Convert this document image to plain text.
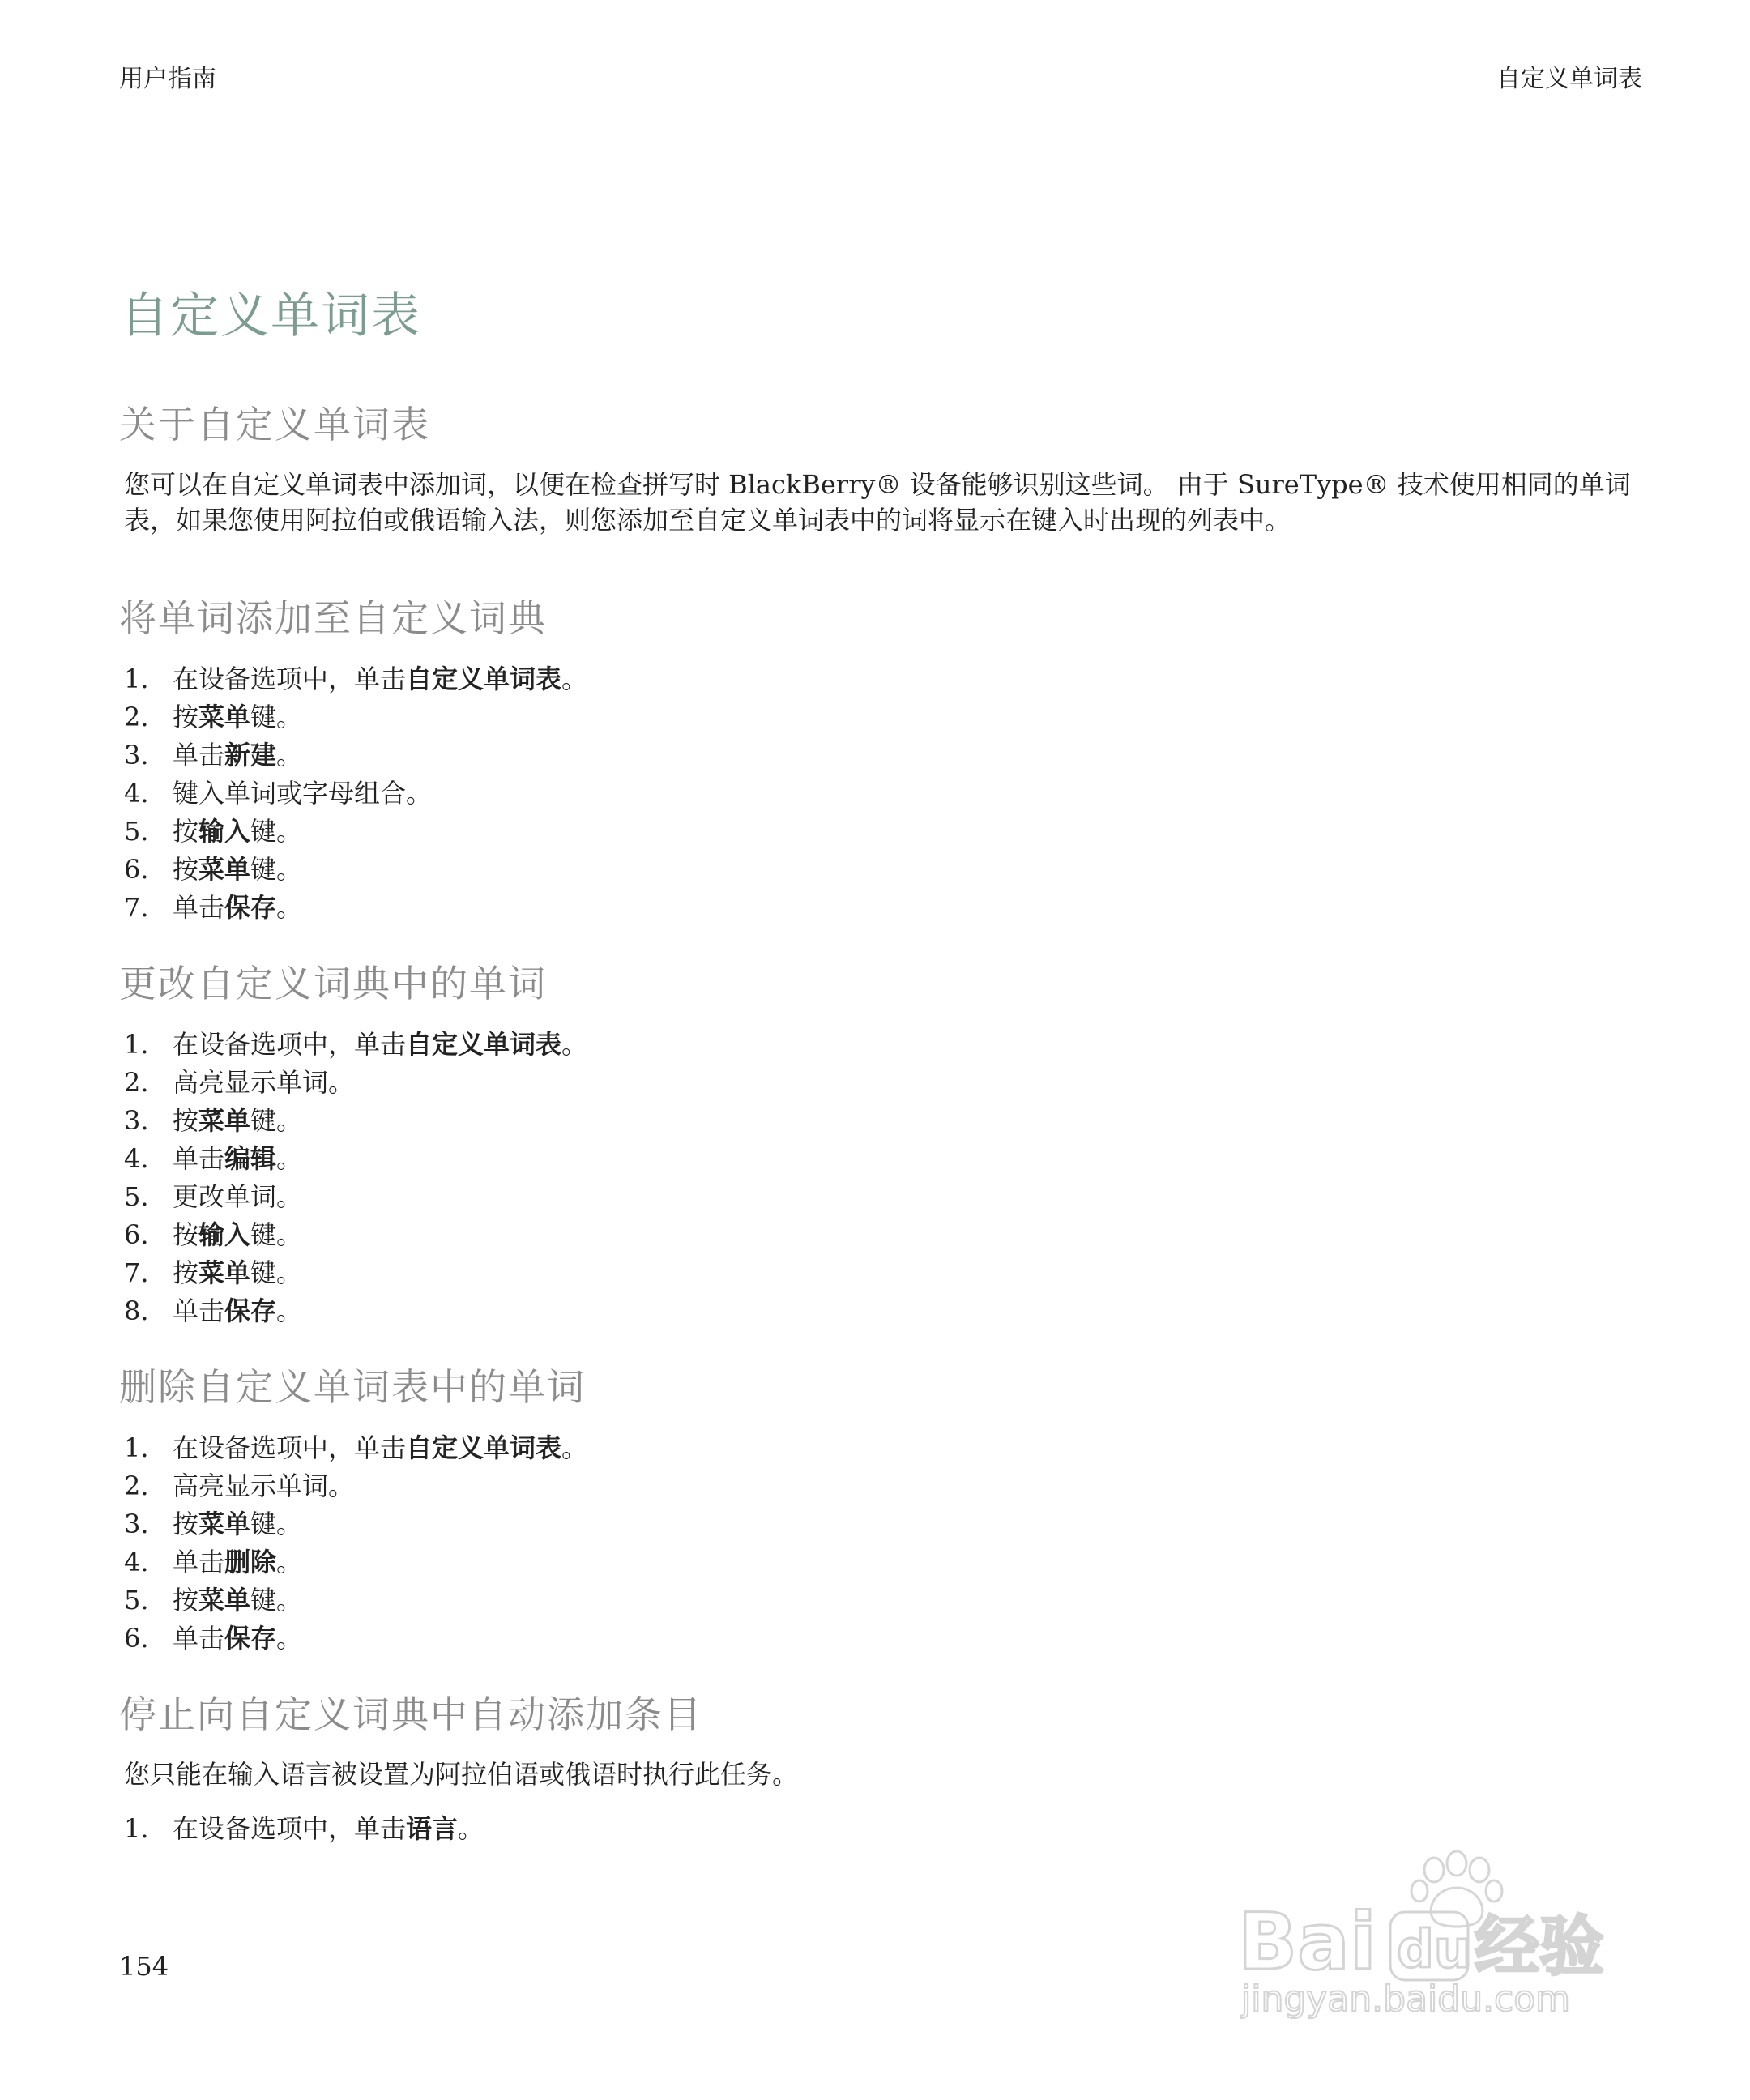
用户指南	自定义单词表
自定义单词表
关于自定义单词表

您可以在自定义单词表中添加词，以便在检查拼写时 BlackBerry® 设备能够识别这些词。 由于 SureType® 技术使用相同的单词表，如果您使用阿拉伯或俄语输入法，则您添加至自定义单词表中的词将显示在键入时出现的列表中。

将单词添加至自定义词典
1. 在设备选项中，单击自定义单词表。
2. 按菜单键。
3. 单击新建。
4. 键入单词或字母组合。
5. 按输入键。
6. 按菜单键。
7. 单击保存。
更改自定义词典中的单词
1. 在设备选项中，单击自定义单词表。
2. 高亮显示单词。
3. 按菜单键。
4. 单击编辑。
5. 更改单词。
6. 按输入键。
7. 按菜单键。
8. 单击保存。
删除自定义单词表中的单词
1. 在设备选项中，单击自定义单词表。
2. 高亮显示单词。
3. 按菜单键。
4. 单击删除。
5. 按菜单键。
6. 单击保存。
停止向自定义词典中自动添加条目

您只能在输入语言被设置为阿拉伯语或俄语时执行此任务。

1. 在设备选项中，单击语言。
154	Bai 经验
du
jingyan.baidu.com
